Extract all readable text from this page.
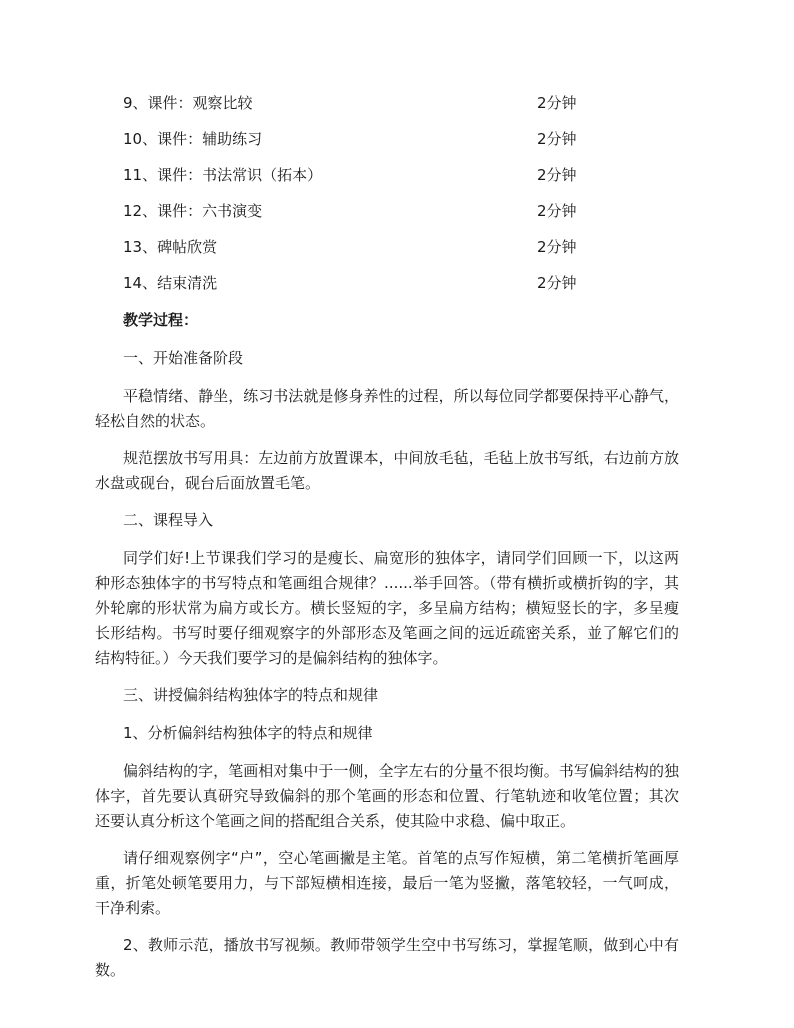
9、课件：观察比较	2分钟
10、课件：辅助练习	2分钟
11、课件：书法常识（拓本）	2分钟
12、课件：六书演变	2分钟
13、碑帖欣赏	2分钟
14、结束清洗	2分钟
教学过程：
一、开始准备阶段

平稳情绪、静坐，练习书法就是修身养性的过程，所以每位同学都要保持平心静气，轻松自然的状态。

规范摆放书写用具：左边前方放置课本，中间放毛毡，毛毡上放书写纸，右边前方放水盘或砚台，砚台后面放置毛笔。

二、课程导入

同学们好!上节课我们学习的是瘦长、扁宽形的独体字，请同学们回顾一下，以这两种形态独体字的书写特点和笔画组合规律？......举手回答。（带有横折或横折钩的字，其外轮廓的形状常为扁方或长方。横长竖短的字，多呈扁方结构；横短竖长的字，多呈瘦长形结构。书写时要仔细观察字的外部形态及笔画之间的远近疏密关系，並了解它们的结构特征。）今天我们要学习的是偏斜结构的独体字。

三、讲授偏斜结构独体字的特点和规律
1、分析偏斜结构独体字的特点和规律

偏斜结构的字，笔画相对集中于一侧，全字左右的分量不很均衡。书写偏斜结构的独体字，首先要认真研究导致偏斜的那个笔画的形态和位置、行笔轨迹和收笔位置；其次还要认真分析这个笔画之间的搭配组合关系，使其险中求稳、偏中取正。

请仔细观察例字“户”，空心笔画撇是主笔。首笔的点写作短横，第二笔横折笔画厚重，折笔处顿笔要用力，与下部短横相连接，最后一笔为竖撇，落笔较轻，一气呵成，干净利索。

2、教师示范，播放书写视频。教师带领学生空中书写练习，掌握笔顺，做到心中有数。
